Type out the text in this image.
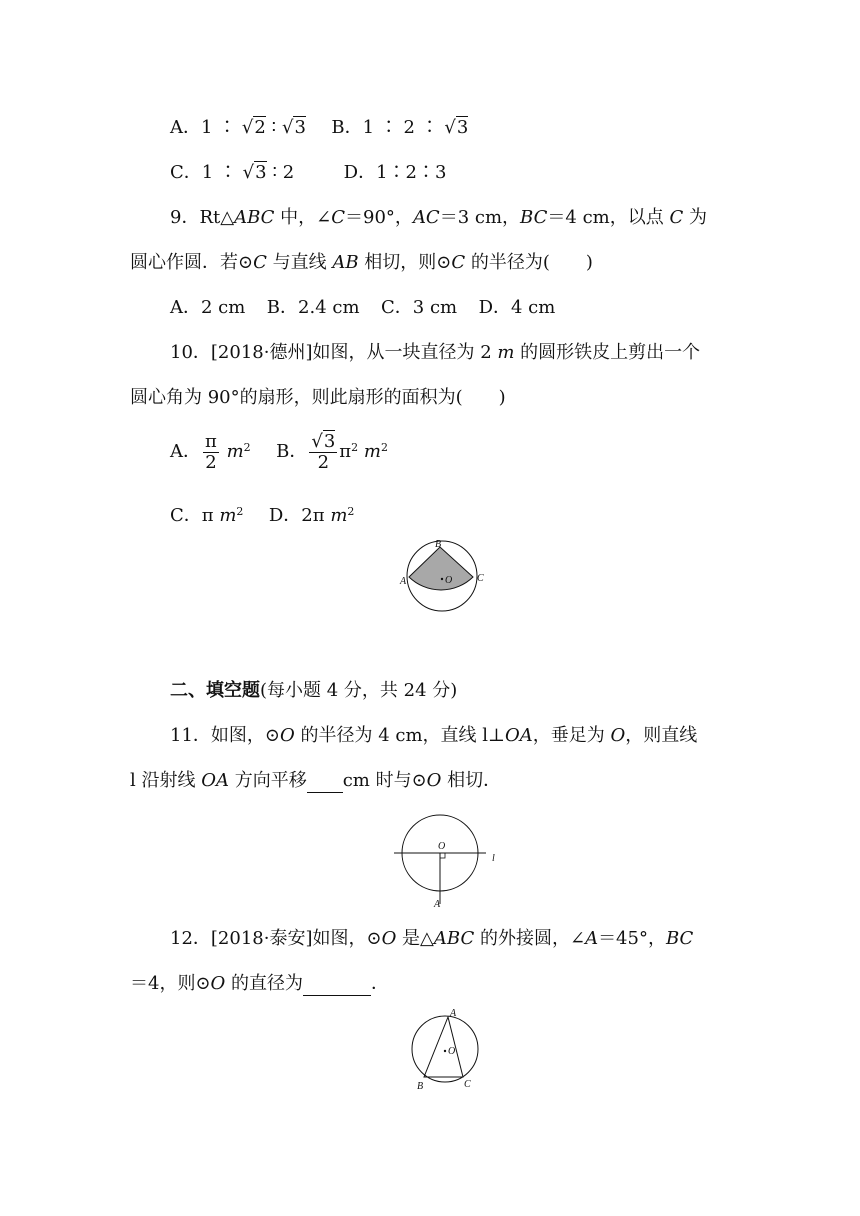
A．1 ∶ √2 ∶ √3 B．1 ∶ 2 ∶ √3
C．1 ∶ √3 ∶ 2	D．1∶2∶3
9．Rt△ABC 中，∠C＝90°，AC＝3 cm，BC＝4 cm，以点 C 为
圆心作圆．若⊙C 与直线 AB 相切，则⊙C 的半径为(　　)
A．2 cm B．2.4 cm C．3 cm D．4 cm
10．[2018·德州]如图，从一块直径为 2 m 的圆形铁皮上剪出一个
圆心角为 90°的扇形，则此扇形的面积为(　　)
A． $\frac{\pi}{2} m^2$ B． $\frac{√3}{2} \pi^2$ $m^2$
C．π $m^2$ D．2π $m^2$
B
A	O C
二、填空题(每小题 4 分，共 24 分)
11．如图，⊙O 的半径为 4 cm，直线 l⊥OA，垂足为 O，则直线
l 沿射线 OA 方向平移 cm 时与⊙O 相切．
O
l
A
12．[2018·泰安]如图，⊙O 是△ABC 的外接圆，∠A＝45°，BC
＝4，则⊙O 的直径为	．
A
O
B	C
